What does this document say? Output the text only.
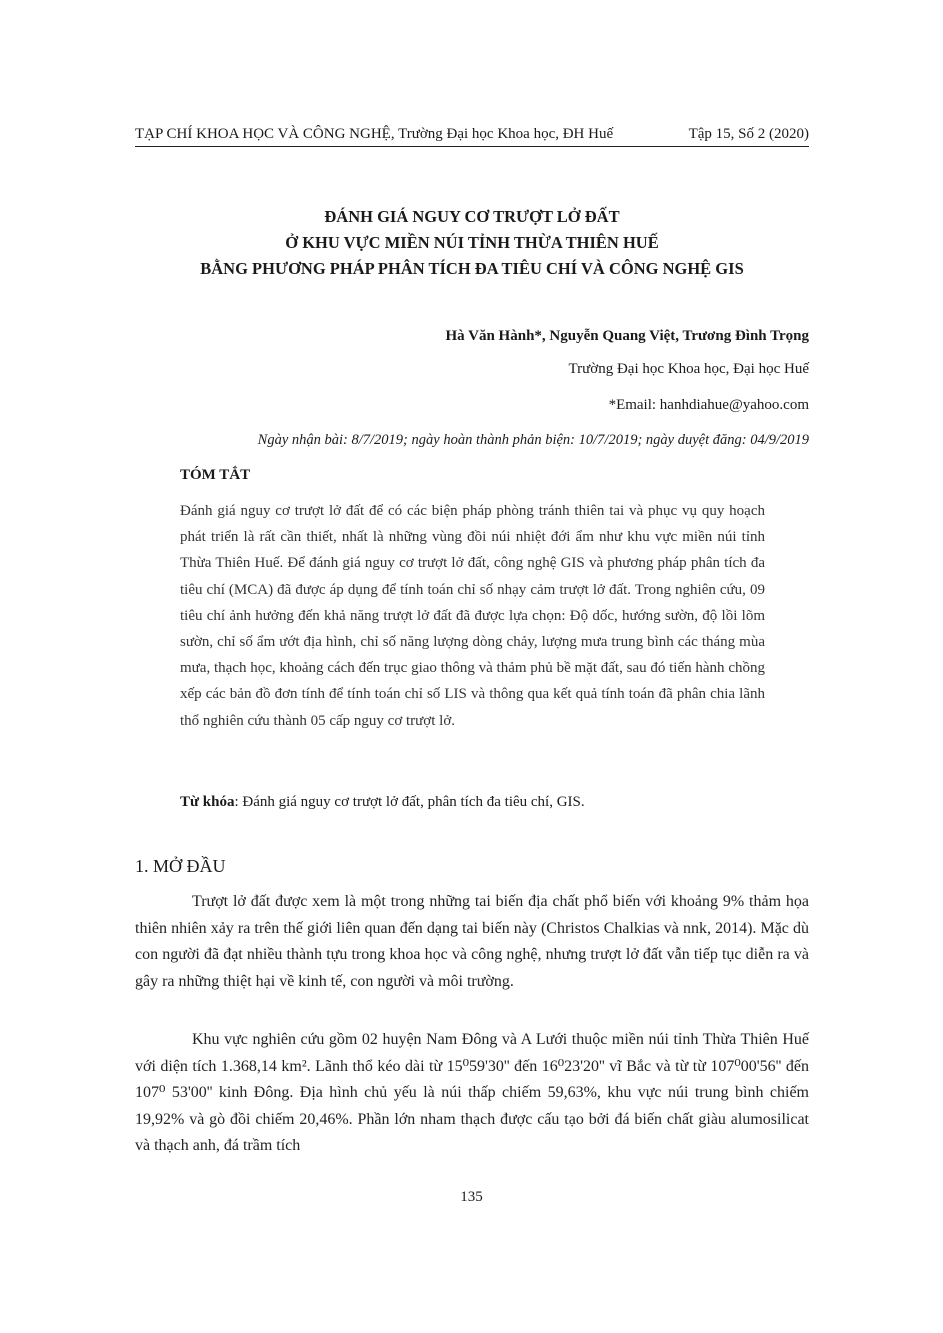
TẠP CHÍ KHOA HỌC VÀ CÔNG NGHỆ, Trường Đại học Khoa học, ĐH Huế	Tập 15, Số 2 (2020)
ĐÁNH GIÁ NGUY CƠ TRƯỢT LỞ ĐẤT
Ở KHU VỰC MIỀN NÚI TỈNH THỪA THIÊN HUẾ
BẰNG PHƯƠNG PHÁP PHÂN TÍCH ĐA TIÊU CHÍ VÀ CÔNG NGHỆ GIS
Hà Văn Hành*, Nguyễn Quang Việt, Trương Đình Trọng
Trường Đại học Khoa học, Đại học Huế
*Email: hanhdiahue@yahoo.com
Ngày nhận bài: 8/7/2019; ngày hoàn thành phản biện: 10/7/2019; ngày duyệt đăng: 04/9/2019
TÓM TẮT
Đánh giá nguy cơ trượt lở đất để có các biện pháp phòng tránh thiên tai và phục vụ quy hoạch phát triển là rất cần thiết, nhất là những vùng đồi núi nhiệt đới ẩm như khu vực miền núi tỉnh Thừa Thiên Huế. Để đánh giá nguy cơ trượt lở đất, công nghệ GIS và phương pháp phân tích đa tiêu chí (MCA) đã được áp dụng để tính toán chỉ số nhạy cảm trượt lở đất. Trong nghiên cứu, 09 tiêu chí ảnh hưởng đến khả năng trượt lở đất đã được lựa chọn: Độ dốc, hướng sườn, độ lồi lõm sườn, chỉ số ẩm ướt địa hình, chỉ số năng lượng dòng chảy, lượng mưa trung bình các tháng mùa mưa, thạch học, khoảng cách đến trục giao thông và thảm phủ bề mặt đất, sau đó tiến hành chồng xếp các bản đồ đơn tính để tính toán chỉ số LIS và thông qua kết quả tính toán đã phân chia lãnh thổ nghiên cứu thành 05 cấp nguy cơ trượt lở.
Từ khóa: Đánh giá nguy cơ trượt lở đất, phân tích đa tiêu chí, GIS.
1. MỞ ĐẦU
Trượt lở đất được xem là một trong những tai biến địa chất phổ biến với khoảng 9% thảm họa thiên nhiên xảy ra trên thế giới liên quan đến dạng tai biến này (Christos Chalkias và nnk, 2014). Mặc dù con người đã đạt nhiều thành tựu trong khoa học và công nghệ, nhưng trượt lở đất vẫn tiếp tục diễn ra và gây ra những thiệt hại về kinh tế, con người và môi trường.
Khu vực nghiên cứu gồm 02 huyện Nam Đông và A Lưới thuộc miền núi tỉnh Thừa Thiên Huế với diện tích 1.368,14 km². Lãnh thổ kéo dài từ 15⁰59'30'' đến 16⁰23'20'' vĩ Bắc và từ từ 107⁰00'56'' đến 107⁰ 53'00'' kinh Đông. Địa hình chủ yếu là núi thấp chiếm 59,63%, khu vực núi trung bình chiếm 19,92% và gò đồi chiếm 20,46%. Phần lớn nham thạch được cấu tạo bởi đá biến chất giàu alumosilicat và thạch anh, đá trầm tích
135
